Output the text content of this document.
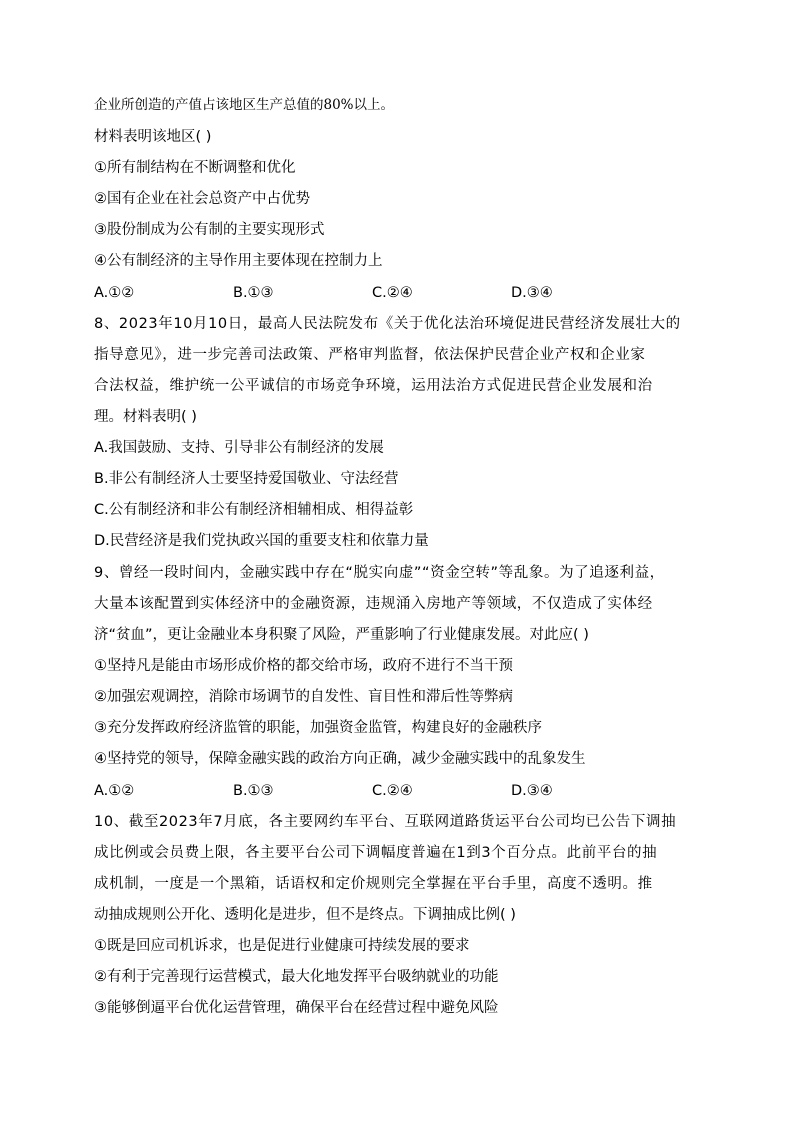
企业所创造的产值占该地区生产总值的80%以上。
材料表明该地区( )
①所有制结构在不断调整和优化
②国有企业在社会总资产中占优势
③股份制成为公有制的主要实现形式
④公有制经济的主导作用主要体现在控制力上
A.①②	B.①③	C.②④	D.③④
8、2023年10月10日，最高人民法院发布《关于优化法治环境促进民营经济发展壮大的
指导意见》，进一步完善司法政策、严格审判监督，依法保护民营企业产权和企业家
合法权益，维护统一公平诚信的市场竞争环境，运用法治方式促进民营企业发展和治
理。材料表明( )
A.我国鼓励、支持、引导非公有制经济的发展
B.非公有制经济人士要坚持爱国敬业、守法经营
C.公有制经济和非公有制经济相辅相成、相得益彰
D.民营经济是我们党执政兴国的重要支柱和依靠力量
9、曾经一段时间内，金融实践中存在“脱实向虚”“资金空转”等乱象。为了追逐利益，
大量本该配置到实体经济中的金融资源，违规涌入房地产等领域，不仅造成了实体经
济“贫血”，更让金融业本身积聚了风险，严重影响了行业健康发展。对此应( )
①坚持凡是能由市场形成价格的都交给市场，政府不进行不当干预
②加强宏观调控，消除市场调节的自发性、盲目性和滞后性等弊病
③充分发挥政府经济监管的职能，加强资金监管，构建良好的金融秩序
④坚持党的领导，保障金融实践的政治方向正确，减少金融实践中的乱象发生
A.①②	B.①③	C.②④	D.③④
10、截至2023年7月底，各主要网约车平台、互联网道路货运平台公司均已公告下调抽
成比例或会员费上限，各主要平台公司下调幅度普遍在1到3个百分点。此前平台的抽
成机制，一度是一个黑箱，话语权和定价规则完全掌握在平台手里，高度不透明。推
动抽成规则公开化、透明化是进步，但不是终点。下调抽成比例( )
①既是回应司机诉求，也是促进行业健康可持续发展的要求
②有利于完善现行运营模式，最大化地发挥平台吸纳就业的功能
③能够倒逼平台优化运营管理，确保平台在经营过程中避免风险
